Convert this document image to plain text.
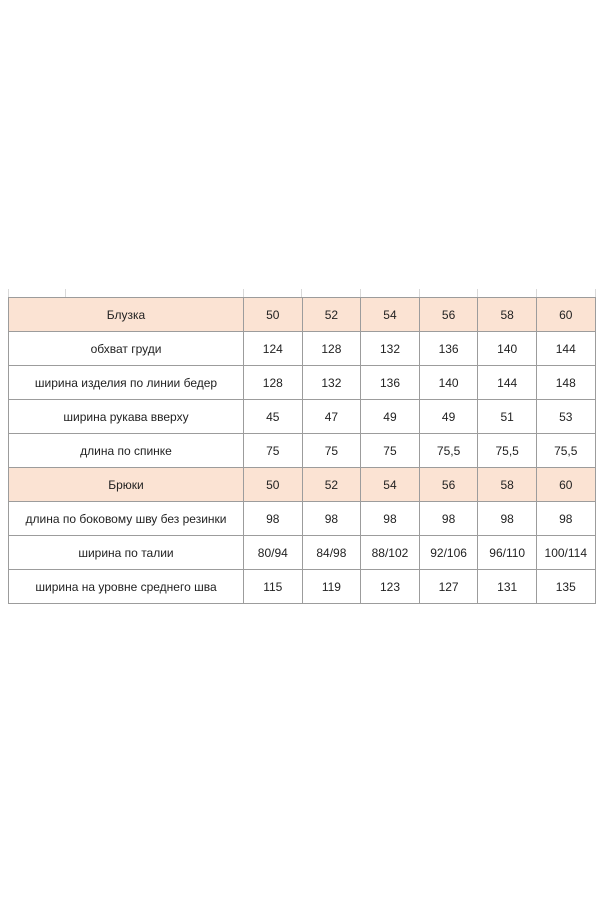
Блузка	50	52	54	56	58	60
обхват груди	124	128	132	136	140	144
ширина изделия по линии бедер	128	132	136	140	144	148
ширина рукава вверху	45	47	49	49	51	53
длина по спинке	75	75	75	75,5	75,5	75,5
Брюки	50	52	54	56	58	60
длина по боковому шву без резинки	98	98	98	98	98	98
ширина по талии	80/94	84/98	88/102	92/106	96/110	100/114
ширина на уровне среднего шва	115	119	123	127	131	135
